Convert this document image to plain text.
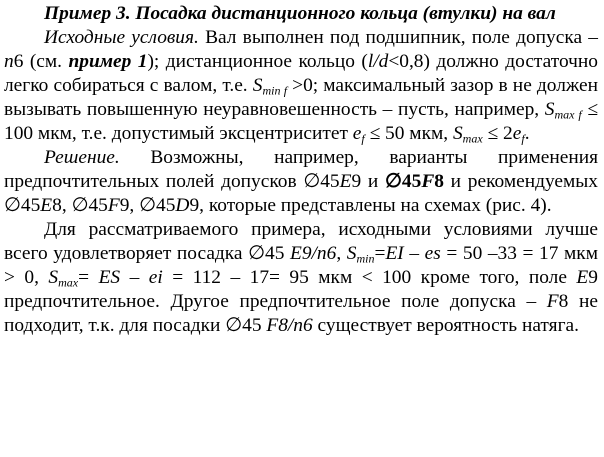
Пример 3. Посадка дистанционного кольца (втулки) на вал

Исходные условия. Вал выполнен под подшипник, поле допуска – n6 (см. пример 1); дистанционное кольцо (l/d<0,8) должно достаточно легко собираться с валом, т.е. $S_{min f} >0$; максимальный зазор в не должен вызывать повышенную неуравновешенность – пусть, например, $S_{max f} \le 100$ мкм, т.е. допустимый эксцентриситет $e_f \le 50$ мкм, $S_{max} \le 2e_f$.

Решение. Возможны, например, варианты применения предпочтительных полей допусков ∅45E9 и ∅45F8 и рекомендуемых ∅45E8, ∅45F9, ∅45D9, которые представлены на схемах (рис. 4).

Для рассматриваемого примера, исходными условиями лучше всего удовлетворяет посадка ∅45 E9/n6, $S_{min}=EI$ – es = 50 –33 = 17 мкм > 0, $S_{max}=$ ES – ei = 112 – 17= 95 мкм < 100 кроме того, поле E9 предпочтительное. Другое предпочтительное поле допуска – F8 не подходит, т.к. для посадки ∅45 F8/n6 существует вероятность натяга.
